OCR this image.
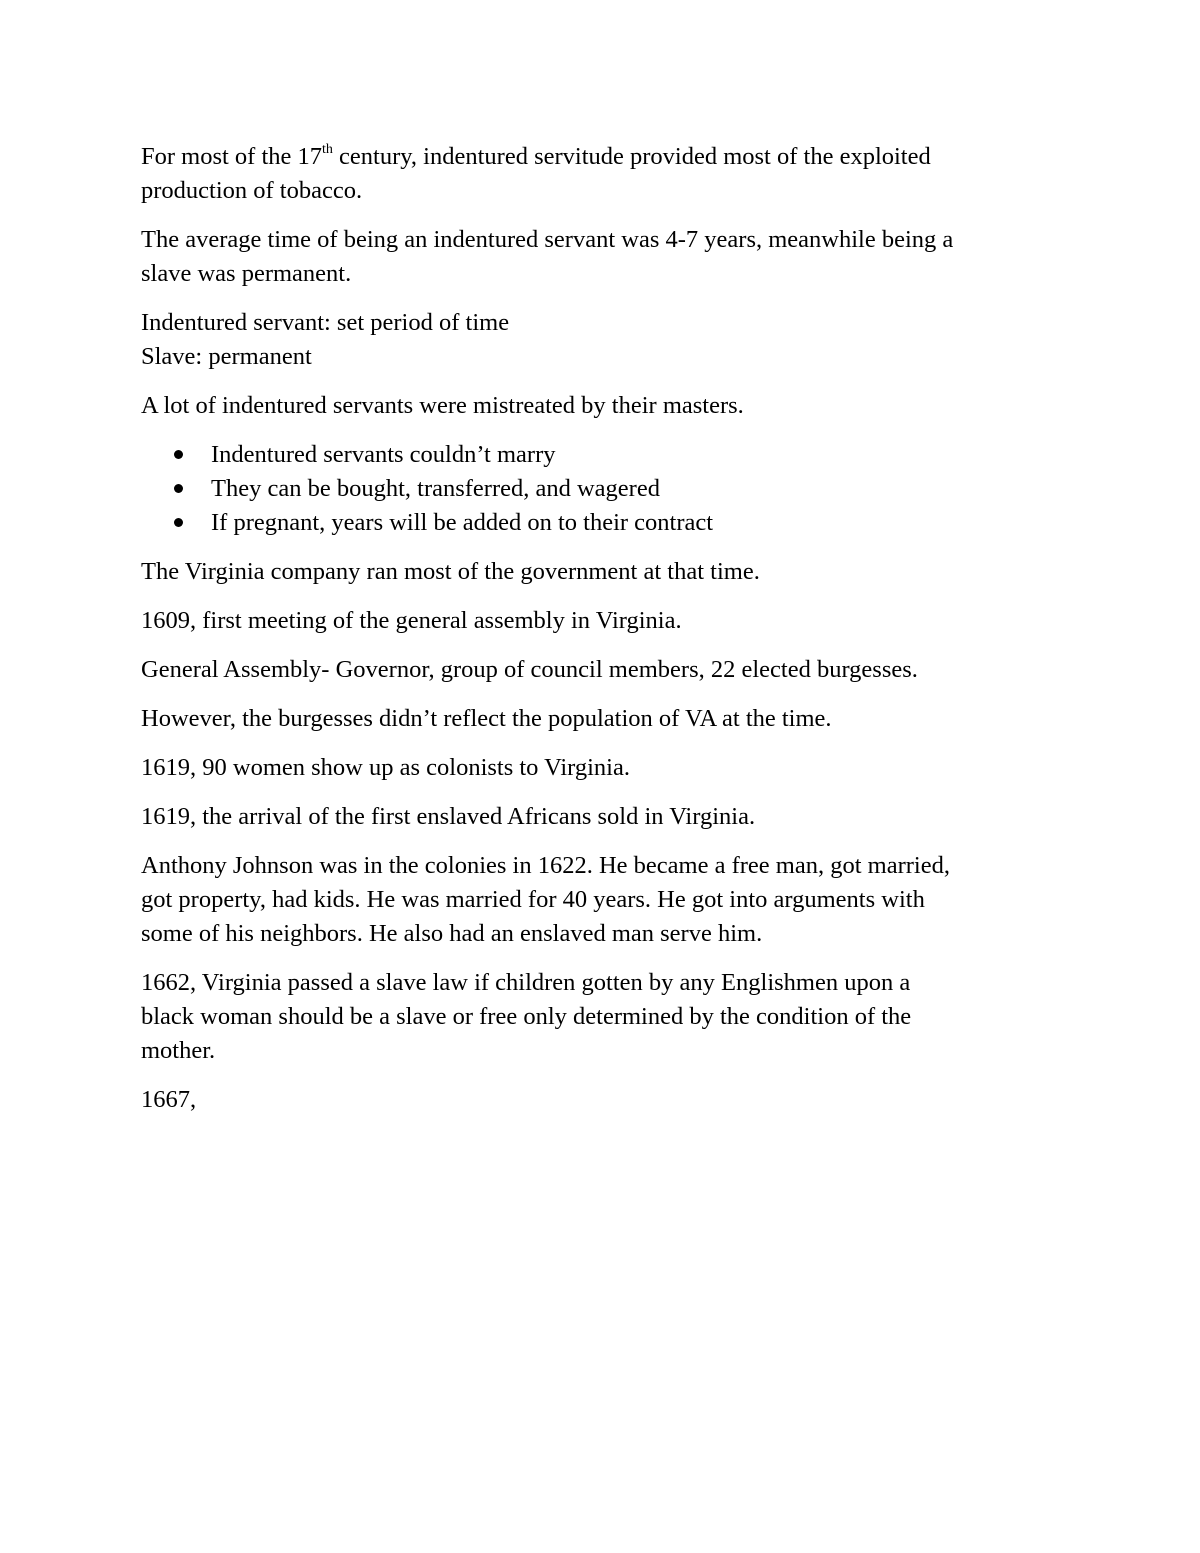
For most of the 17th century, indentured servitude provided most of the exploited
production of tobacco.

The average time of being an indentured servant was 4-7 years, meanwhile being a
slave was permanent.

Indentured servant: set period of time
Slave: permanent

A lot of indentured servants were mistreated by their masters.

Indentured servants couldn’t marry
They can be bought, transferred, and wagered
If pregnant, years will be added on to their contract

The Virginia company ran most of the government at that time.

1609, first meeting of the general assembly in Virginia.

General Assembly- Governor, group of council members, 22 elected burgesses.

However, the burgesses didn’t reflect the population of VA at the time.

1619, 90 women show up as colonists to Virginia.

1619, the arrival of the first enslaved Africans sold in Virginia.

Anthony Johnson was in the colonies in 1622. He became a free man, got married,
got property, had kids. He was married for 40 years. He got into arguments with
some of his neighbors. He also had an enslaved man serve him.

1662, Virginia passed a slave law if children gotten by any Englishmen upon a
black woman should be a slave or free only determined by the condition of the
mother.

1667,
